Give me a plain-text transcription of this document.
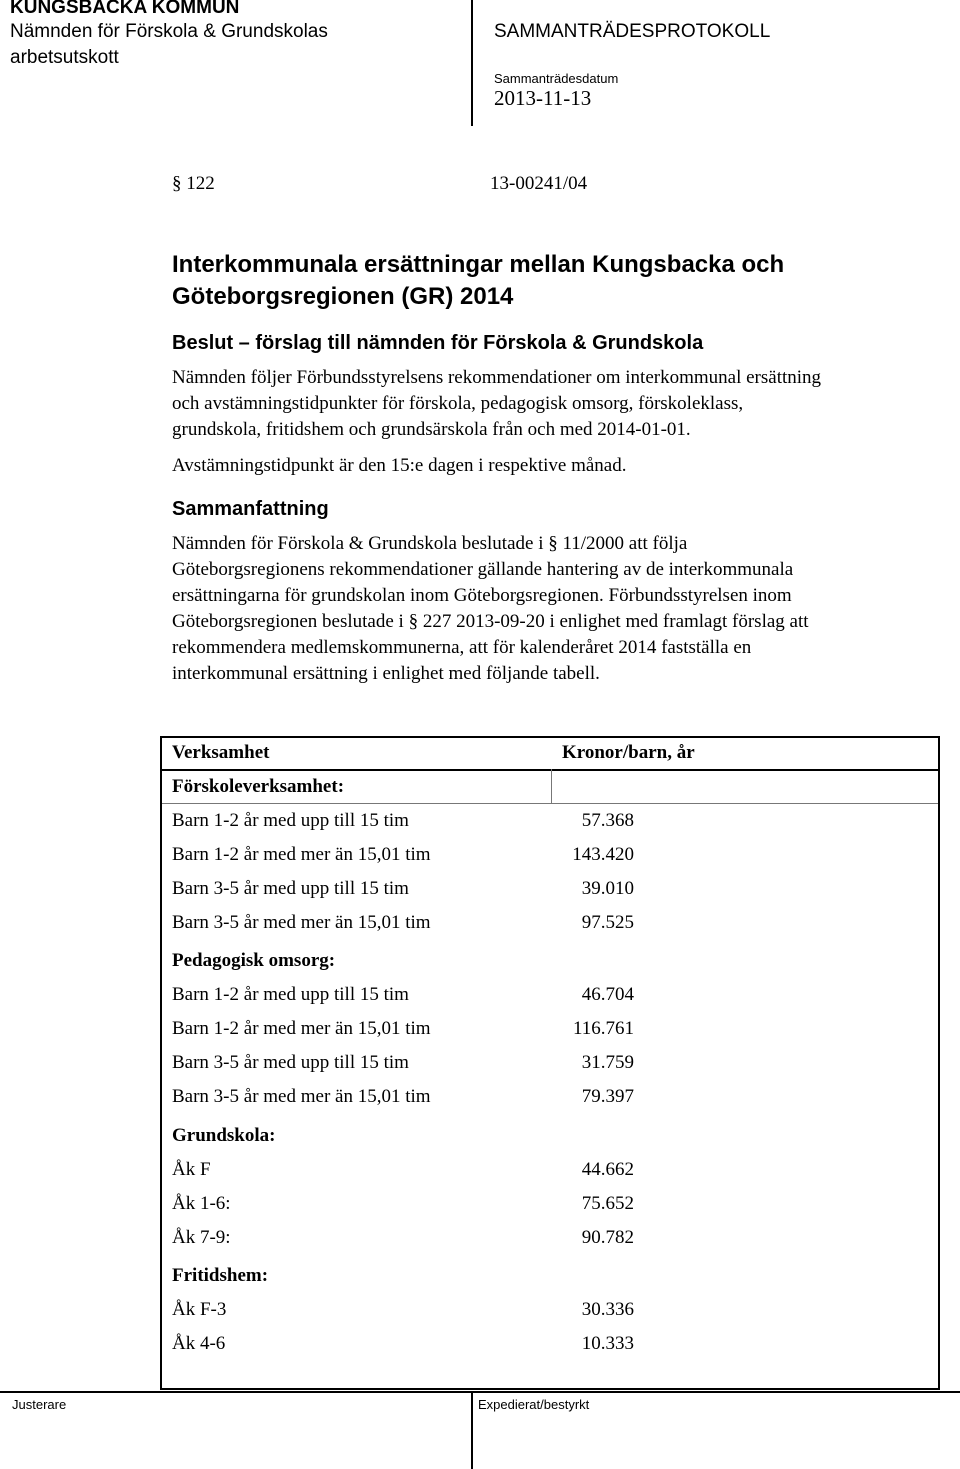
KUNGSBACKA KOMMUN
Nämnden för Förskola & Grundskolas
arbetsutskott
SAMMANTRÄDESPROTOKOLL
Sammanträdesdatum
2013-11-13
§ 122	13-00241/04
Interkommunala ersättningar mellan Kungsbacka och
Göteborgsregionen (GR) 2014
Beslut – förslag till nämnden för Förskola & Grundskola
Nämnden följer Förbundsstyrelsens rekommendationer om interkommunal ersättning
och avstämningstidpunkter för förskola, pedagogisk omsorg, förskoleklass,
grundskola, fritidshem och grundsärskola från och med 2014-01-01.
Avstämningstidpunkt är den 15:e dagen i respektive månad.
Sammanfattning
Nämnden för Förskola & Grundskola beslutade i § 11/2000 att följa
Göteborgsregionens rekommendationer gällande hantering av de interkommunala
ersättningarna för grundskolan inom Göteborgsregionen. Förbundsstyrelsen inom
Göteborgsregionen beslutade i § 227 2013-09-20 i enlighet med framlagt förslag att
rekommendera medlemskommunerna, att för kalenderåret 2014 fastställa en
interkommunal ersättning i enlighet med följande tabell.
Verksamhet	Kronor/barn, år
Förskoleverksamhet:
Barn 1-2 år med upp till 15 tim	57.368
Barn 1-2 år med mer än 15,01 tim	143.420
Barn 3-5 år med upp till 15 tim	39.010
Barn 3-5 år med mer än 15,01 tim	97.525
Pedagogisk omsorg:
Barn 1-2 år med upp till 15 tim	46.704
Barn 1-2 år med mer än 15,01 tim	116.761
Barn 3-5 år med upp till 15 tim	31.759
Barn 3-5 år med mer än 15,01 tim	79.397
Grundskola:
Åk F	44.662
Åk 1-6:	75.652
Åk 7-9:	90.782
Fritidshem:
Åk F-3	30.336
Åk 4-6	10.333
Justerare	Expedierat/bestyrkt
